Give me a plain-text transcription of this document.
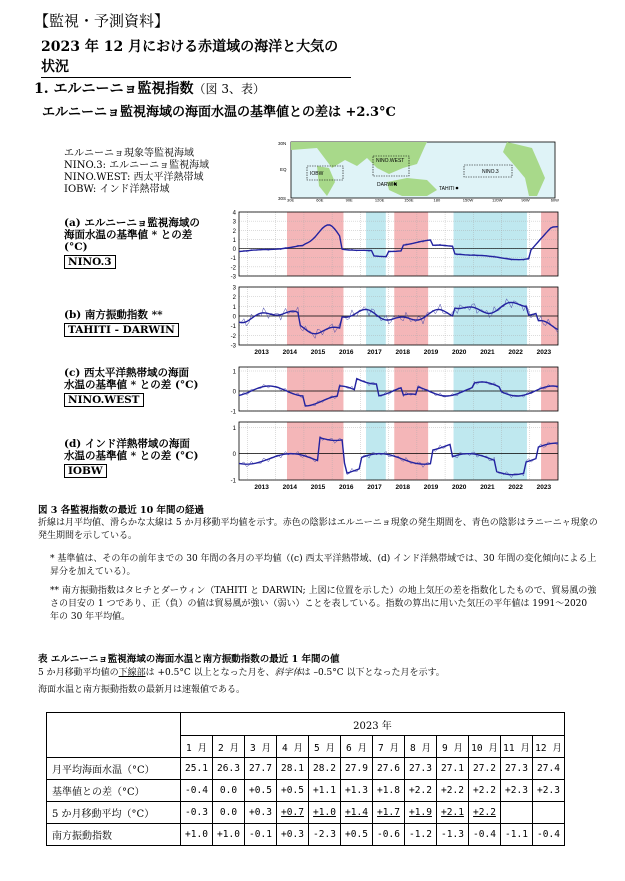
【監視・予測資料】
2023 年 12 月における赤道域の海洋と大気の状況
1. エルニーニョ監視指数（図 3、表）
エルニーニョ監視海域の海面水温の基準値との差は +2.3°C
エルニーニョ現象等監視海域
NINO.3: エルニーニョ監視海域
NINO.WEST: 西太平洋熱帯域
IOBW: インド洋熱帯域
IOBW
NINO.WEST
DARWIN
TAHITI
NINO.3
30N
EQ
30S 30E	60E	90E	120E	150E	180	150W	120W	90W	60W
(a) エルニーニョ監視海域の
海面水温の基準値 * との差
(°C)
NINO.3
(b) 南方振動指数 **
TAHITI - DARWIN
(c) 西太平洋熱帯域の海面
水温の基準値 * との差 (°C)
NINO.WEST
(d) インド洋熱帯域の海面
水温の基準値 * との差 (°C)
IOBW
4
3
2
1
0
-1
-2
-3
3
2
1
0
-1
-2
-3
2013 2014 2015 2016 2017 2018 2019 2020 2021 2022 2023
1
0
-1
1
0
-1
2013 2014 2015 2016 2017 2018 2019 2020 2021 2022 2023
図 3 各監視指数の最近 10 年間の経過
折線は月平均値、滑らかな太線は 5 か月移動平均値を示す。赤色の陰影はエルニーニョ現象の発生期間を、青色の陰影はラニーニャ現象の発生期間を示している。
* 基準値は、その年の前年までの 30 年間の各月の平均値（(c) 西太平洋熱帯域、(d) インド洋熱帯域では、30 年間の変化傾向による上昇分を加えている）。
** 南方振動指数はタヒチとダーウィン（TAHITI と DARWIN; 上図に位置を示した）の地上気圧の差を指数化したもので、貿易風の強さの目安の 1 つであり、正（負）の値は貿易風が強い（弱い）ことを表している。指数の算出に用いた気圧の平年値は 1991～2020 年の 30 年平均値。
表 エルニーニョ監視海域の海面水温と南方振動指数の最近 1 年間の値
5 か月移動平均値の下線部は +0.5°C 以上となった月を、斜字体は –0.5°C 以下となった月を示す。
海面水温と南方振動指数の最新月は速報値である。
	2023 年											
	1 月	2 月	3 月	4 月	5 月	6 月	7 月	8 月	9 月	10 月	11 月	12 月
月平均海面水温（°C）	25.1	26.3	27.7	28.1	28.2	27.9	27.6	27.3	27.1	27.2	27.3	27.4
基準値との差（°C）	-0.4	0.0	+0.5	+0.5	+1.1	+1.3	+1.8	+2.2	+2.2	+2.2	+2.3	+2.3
5 か月移動平均（°C）	-0.3	0.0	+0.3	+0.7	+1.0	+1.4	+1.7	+1.9	+2.1	+2.2		
南方振動指数	+1.0	+1.0	-0.1	+0.3	-2.3	+0.5	-0.6	-1.2	-1.3	-0.4	-1.1	-0.4
